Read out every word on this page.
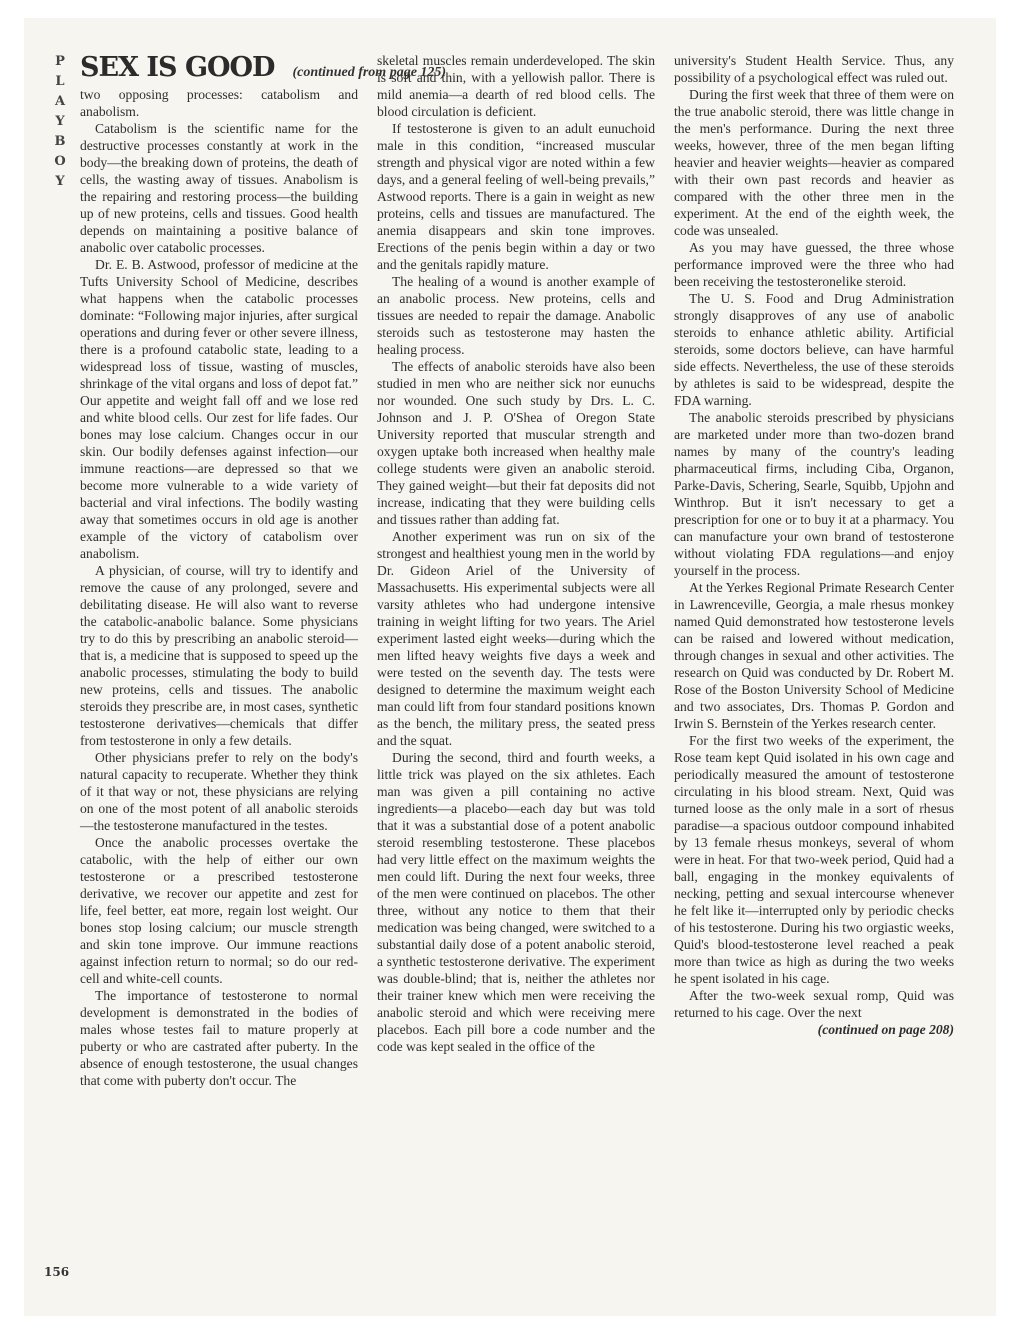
P
L
A
Y
B
O
Y
SEX IS GOOD (continued from page 125)

two opposing processes: catabolism and anabolism.

Catabolism is the scientific name for the destructive processes constantly at work in the body—the breaking down of proteins, the death of cells, the wasting away of tissues. Anabolism is the repairing and restoring process—the building up of new proteins, cells and tissues. Good health depends on maintaining a positive balance of anabolic over catabolic processes.

Dr. E. B. Astwood, professor of medicine at the Tufts University School of Medicine, describes what happens when the catabolic processes dominate: “Following major injuries, after surgical operations and during fever or other severe illness, there is a profound catabolic state, leading to a widespread loss of tissue, wasting of muscles, shrinkage of the vital organs and loss of depot fat.” Our appetite and weight fall off and we lose red and white blood cells. Our zest for life fades. Our bones may lose calcium. Changes occur in our skin. Our bodily defenses against infection—our immune reactions—are depressed so that we become more vulnerable to a wide variety of bacterial and viral infections. The bodily wasting away that sometimes occurs in old age is another example of the victory of catabolism over anabolism.

A physician, of course, will try to identify and remove the cause of any prolonged, severe and debilitating disease. He will also want to reverse the catabolic-anabolic balance. Some physicians try to do this by prescribing an anabolic steroid—that is, a medicine that is supposed to speed up the anabolic processes, stimulating the body to build new proteins, cells and tissues. The anabolic steroids they prescribe are, in most cases, synthetic testosterone derivatives—chemicals that differ from testosterone in only a few details.

Other physicians prefer to rely on the body's natural capacity to recuperate. Whether they think of it that way or not, these physicians are relying on one of the most potent of all anabolic steroids—the testosterone manufactured in the testes.

Once the anabolic processes overtake the catabolic, with the help of either our own testosterone or a prescribed testosterone derivative, we recover our appetite and zest for life, feel better, eat more, regain lost weight. Our bones stop losing calcium; our muscle strength and skin tone improve. Our immune reactions against infection return to normal; so do our red-cell and white-cell counts.

The importance of testosterone to normal development is demonstrated in the bodies of males whose testes fail to mature properly at puberty or who are castrated after puberty. In the absence of enough testosterone, the usual changes that come with puberty don't occur. The

skeletal muscles remain underdeveloped. The skin is soft and thin, with a yellowish pallor. There is mild anemia—a dearth of red blood cells. The blood circulation is deficient.

If testosterone is given to an adult eunuchoid male in this condition, “increased muscular strength and physical vigor are noted within a few days, and a general feeling of well-being prevails,” Astwood reports. There is a gain in weight as new proteins, cells and tissues are manufactured. The anemia disappears and skin tone improves. Erections of the penis begin within a day or two and the genitals rapidly mature.

The healing of a wound is another example of an anabolic process. New proteins, cells and tissues are needed to repair the damage. Anabolic steroids such as testosterone may hasten the healing process.

The effects of anabolic steroids have also been studied in men who are neither sick nor eunuchs nor wounded. One such study by Drs. L. C. Johnson and J. P. O'Shea of Oregon State University reported that muscular strength and oxygen uptake both increased when healthy male college students were given an anabolic steroid. They gained weight—but their fat deposits did not increase, indicating that they were building cells and tissues rather than adding fat.

Another experiment was run on six of the strongest and healthiest young men in the world by Dr. Gideon Ariel of the University of Massachusetts. His experimental subjects were all varsity athletes who had undergone intensive training in weight lifting for two years. The Ariel experiment lasted eight weeks—during which the men lifted heavy weights five days a week and were tested on the seventh day. The tests were designed to determine the maximum weight each man could lift from four standard positions known as the bench, the military press, the seated press and the squat.

During the second, third and fourth weeks, a little trick was played on the six athletes. Each man was given a pill containing no active ingredients—a placebo—each day but was told that it was a substantial dose of a potent anabolic steroid resembling testosterone. These placebos had very little effect on the maximum weights the men could lift. During the next four weeks, three of the men were continued on placebos. The other three, without any notice to them that their medication was being changed, were switched to a substantial daily dose of a potent anabolic steroid, a synthetic testosterone derivative. The experiment was double-blind; that is, neither the athletes nor their trainer knew which men were receiving the anabolic steroid and which were receiving mere placebos. Each pill bore a code number and the code was kept sealed in the office of the

university's Student Health Service. Thus, any possibility of a psychological effect was ruled out.

During the first week that three of them were on the true anabolic steroid, there was little change in the men's performance. During the next three weeks, however, three of the men began lifting heavier and heavier weights—heavier as compared with their own past records and heavier as compared with the other three men in the experiment. At the end of the eighth week, the code was unsealed.

As you may have guessed, the three whose performance improved were the three who had been receiving the testosteronelike steroid.

The U. S. Food and Drug Administration strongly disapproves of any use of anabolic steroids to enhance athletic ability. Artificial steroids, some doctors believe, can have harmful side effects. Nevertheless, the use of these steroids by athletes is said to be widespread, despite the FDA warning.

The anabolic steroids prescribed by physicians are marketed under more than two-dozen brand names by many of the country's leading pharmaceutical firms, including Ciba, Organon, Parke-Davis, Schering, Searle, Squibb, Upjohn and Winthrop. But it isn't necessary to get a prescription for one or to buy it at a pharmacy. You can manufacture your own brand of testosterone without violating FDA regulations—and enjoy yourself in the process.

At the Yerkes Regional Primate Research Center in Lawrenceville, Georgia, a male rhesus monkey named Quid demonstrated how testosterone levels can be raised and lowered without medication, through changes in sexual and other activities. The research on Quid was conducted by Dr. Robert M. Rose of the Boston University School of Medicine and two associates, Drs. Thomas P. Gordon and Irwin S. Bernstein of the Yerkes research center.

For the first two weeks of the experiment, the Rose team kept Quid isolated in his own cage and periodically measured the amount of testosterone circulating in his blood stream. Next, Quid was turned loose as the only male in a sort of rhesus paradise—a spacious outdoor compound inhabited by 13 female rhesus monkeys, several of whom were in heat. For that two-week period, Quid had a ball, engaging in the monkey equivalents of necking, petting and sexual intercourse whenever he felt like it—interrupted only by periodic checks of his testosterone. During his two orgiastic weeks, Quid's blood-testosterone level reached a peak more than twice as high as during the two weeks he spent isolated in his cage.

After the two-week sexual romp, Quid was returned to his cage. Over the next

(continued on page 208)
156
